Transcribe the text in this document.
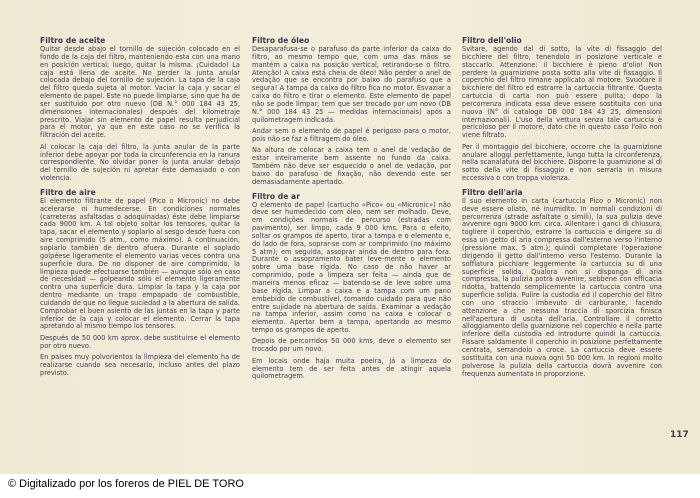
Filtro de aceite

Quitar desde abajo el tornillo de sujeción colocado en el fondo de la caja del filtro, manteniendo esta con una mano en posición vertical; luego, quitar la misma. ¡Cuidado! La caja está llena de aceite. No perder la junta anular colocada debajo del tornillo de sujeción. La tapa de la caja del filtro queda sujeta al motor. Vaciar la caja y sacar el elemento de papel. Este no puede limpiarse, sino que ha de ser sustituido por otro nuevo (DB N.° 000 184 43 25, dimensiones internacionales) después del kilometraje prescrito. Viajar sin elemento de papel resulta perjudicial para el motor, ya que en este caso no se verifica la filtración del aceite.

Al colocar la caja del filtro, la junta anular de la parte inferior debe apoyar por toda la circunferencia en la ranura correspondiente. No olvidar poner la junta anular debajo del tornillo de sujeción ni apretar éste demasiado o con violencia.

Filtro de aire

El elemento filtrante de papel (Pico o Micronic) no debe acelerarse ni humedecerse. En condiciones normales (carreteras asfaltadas o adoquinadas) éste debe limpiarse cada 9000 km. A tal objeto soltar los tensores, quitar la tapa, sacar el elemento y soplarlo al sesgo desde fuera con aire comprimido (5 atm., como máximo). A continuación, soplarlo también de dentro afuera. Durante el soplado golpéese ligeramente el elemento varias veces contra una superficie dura. De no disponer de aire comprimido, la limpieza puede efectuarse también — aunque sólo en caso de necesidad — golpeando sólo el elemento ligeramente contra una superficie dura. Limpiar la tapa y la caja por dentro mediante un trapo empapado de combustible, cuidando de que no llegue suciedad a la abertura de salida. Comprobar el buen asiento de las juntas en la tapa y parte inferior de la caja y colocar el elemento. Cerrar la tapa apretando al mismo tiempo los tensores.

Después de 50 000 km aprox. debe sustituirse el elemento por otro nuevo.

En países muy polvorientos la limpieza del elemento ha de realizarse cuando sea necesario, incluso antes del plazo previsto.

Filtro de óleo

Desaparafusa-se o parafuso da parte inferior da caixa do filtro, ao mesmo tempo que, com uma das mãos se mantém a caixa na posição vertical, retirando-se o filtro. Atenção! A caixa está cheia de óleo! Não perder o anel de vedação que se encontra por baixo do parafuso que a segura! A tampa da caixa do filtro fica no motor. Esvaziar a caixa do filtro e tirar o elemento. Este elemento de papel não se pode limpar; tem que ser trocado por um novo (DB N.° 000 184 43 25 — medidas internacionais) após a quilometragem indicada.

Andar sem o elemento de papel é perigoso para o motor, pois não se faz a filtragem do óleo.

Na altura de colocar a caixa tem o anel de vedação de estar inteiramente bem assente no fundo da caixa. Também não deve ser esquecido o anel de vedação, por baixo do parafuso de fixação, não devendo este ser demasiadamente apertado.

Filtro de ar

O elemento de papel (cartucho «Pico» ou «Micronic») não deve ser humedecido com óleo, nem ser molhado. Deve, em condições normais de percurso (estradas com pavimento), ser limpo, cada 9 000 kms. Para o efeito, soltar os grampos de aperto, tirar a tampa e o elemento e, do lado de fora, soprar-se com ar comprimido (no máximo 5 atm); em seguida, assoprar ainda de dentro para fora. Durante o assopramento bater leve-mente o elemento sobre uma base rígida. No caso de não haver ar comprimido, pode a limpeza ser feita — ainda que de maneira menos eficaz — batendo-se de leve sobre uma base rígida. Limpar a caixa e a tampa com um pano embebido de combustível, tomando cuidado para que não entre sujidade na abertura de saída. Examinar a vedação na tampa inferior, assim como na caixa e colocar o elemento. Apertar bem a tampa, apertando ao mesmo tempo os grampos de aperto.

Depois de percorridos 50 000 kms, deve o elemento ser trocado por um novo.

Em locais onde haja muita poeira, já a limpeza do elemento tem de ser feita antes de atingir aquela quilometragem.

Filtro dell'olio

Svitare, agendo dal di sotto, la vite di fissaggio del bicchiere del filtro, tenendolo in posizione verticale e staccarlo. Attenzione: il bicchiere è pieno d'olio! Non perdere la guarnizione posta sotto alla vite di fissaggio. Il coperchio del filtro rimane applicato al motore. Svuotare il bicchiere del filtro ed estrarre la cartuccia filtrante. Questa cartuccia di carta non può essere pulita; dopo la percorrenza indicata essa deve essere sostituita con una nuova (N° di catalogo DB 000 184 43 25, dimensioni internazionali). L'uso della vettura senza tale cartuccia è pericoloso per il motore, dato che in questo caso l'olio non viene filtrato.

Per il montaggio del bicchiere, occorre che la guarnizione anulare alloggi perfettamente, lungo tutta la circonferenza, nella scanalatura del bicchiere. Disporre la guarnizione al di sotto della vite di fissaggio e non serrarla in misura eccessiva o con troppa violenza.

Filtro dell'aria

Il suo elemento in carta (cartuccia Pico o Micronic) non deve essere oliato, né inumidito. In normali condizioni di percorrenza (strade asfaltate o simili), la sua pulizia deve avvenire ogni 9000 km. circa. Allentare i ganci di chiusura, togliere il coperchio, estrarre la cartuccia e dirigere su di essa un getto di aria compressa dall'esterno verso l'interno (pressione max. 5 atm.); quindi completare l'operazione dirigendo il getto dall'interno verso l'esterno. Durante la soffiatura picchiare leggermente la cartuccia su di una superficie solida. Qualora non si disponga di aria compressa, la pulizia potrà avvenire, sebbene con efficacia ridotta, battendo semplicemente la cartuccia contro una superficie solida. Pulire la custodia ed il coperchio del filtro con uno straccio imbevuto di carburante, facendo attenzione a che nessuna traccia di sporcizia finisca nell'apertura di uscita dell'aria. Controllare il corretto alloggiamento della guarnizione nel coperchio e nella parte inferiore della custodia ed introdurre quindi la cartuccia. Fissare saldamente il coperchio in posizione perfettamente centrata, serrandolo a croce. La cartuccia deve essere sostituita con una nuova ogni 50 000 km. In regioni molto polverose la pulizia della cartuccia dovrà avvenire con frequenza aumentata in proporzione.

117
© Digitalizado por los foreros de PIEL DE TORO
